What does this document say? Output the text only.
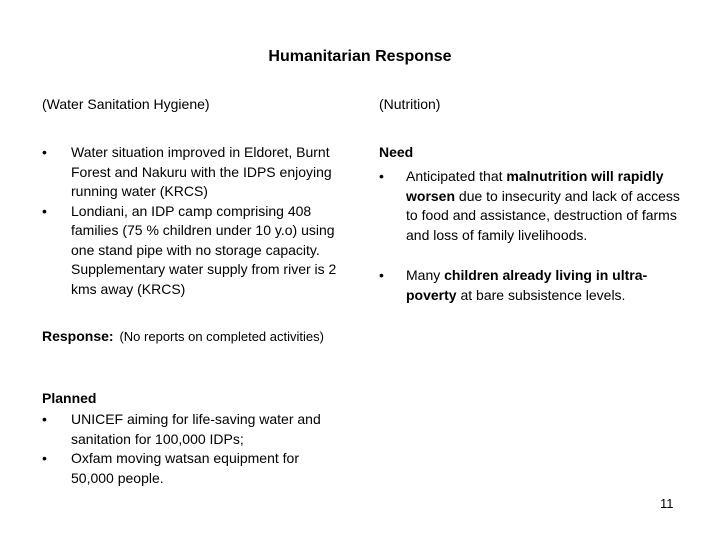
Humanitarian Response
(Water Sanitation Hygiene)
• Water situation improved in Eldoret, Burnt Forest and Nakuru with the IDPS enjoying running water (KRCS)
• Londiani, an IDP camp comprising 408 families (75 % children under 10 y.o) using one stand pipe with no storage capacity. Supplementary water supply from river is 2 kms away (KRCS)
Response: (No reports on completed activities)
Planned
• UNICEF aiming for life-saving water and sanitation for 100,000 IDPs;
• Oxfam moving watsan equipment for 50,000 people.
(Nutrition)
Need
• Anticipated that malnutrition will rapidly worsen due to insecurity and lack of access to food and assistance, destruction of farms and loss of family livelihoods.
• Many children already living in ultra-poverty at bare subsistence levels.
11
